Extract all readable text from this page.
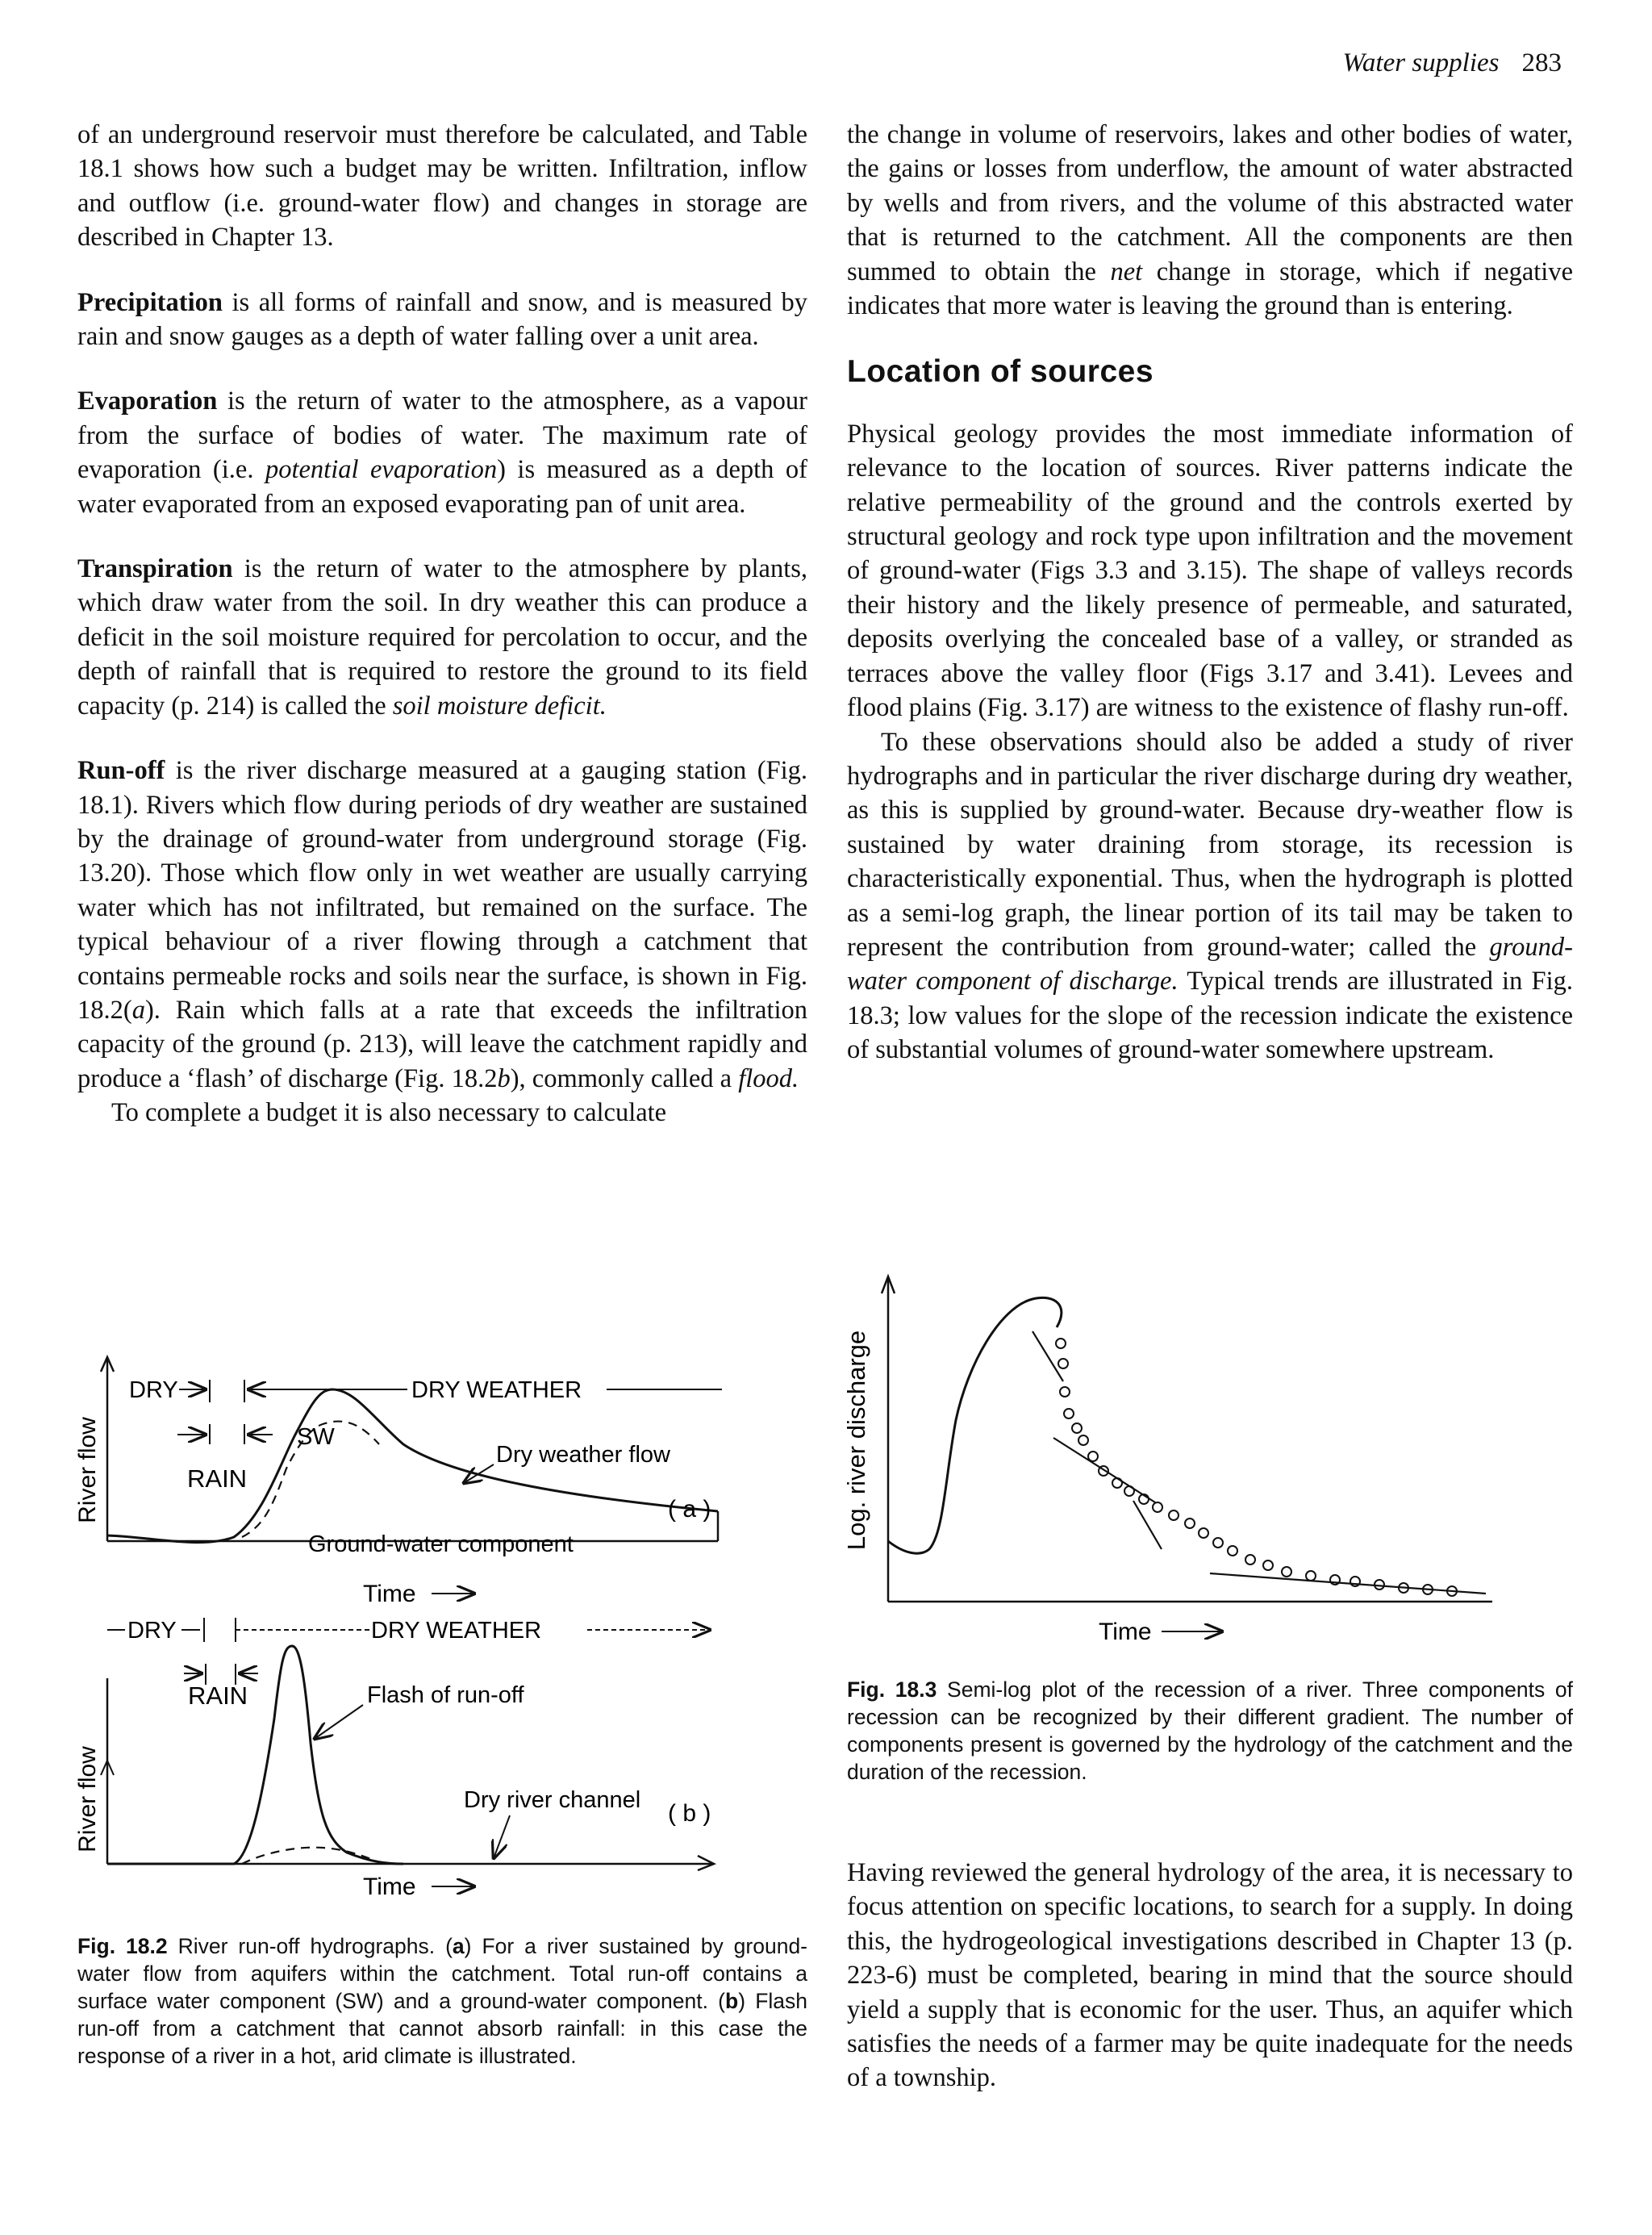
Water supplies 283

of an underground reservoir must therefore be calculated, and Table 18.1 shows how such a budget may be written. Infiltration, inflow and outflow (i.e. ground-water flow) and changes in storage are described in Chapter 13.

Precipitation is all forms of rainfall and snow, and is measured by rain and snow gauges as a depth of water falling over a unit area.

Evaporation is the return of water to the atmosphere, as a vapour from the surface of bodies of water. The maximum rate of evaporation (i.e. potential evaporation) is measured as a depth of water evaporated from an exposed evaporating pan of unit area.

Transpiration is the return of water to the atmosphere by plants, which draw water from the soil. In dry weather this can produce a deficit in the soil moisture required for percolation to occur, and the depth of rainfall that is required to restore the ground to its field capacity (p. 214) is called the soil moisture deficit.

Run-off is the river discharge measured at a gauging station (Fig. 18.1). Rivers which flow during periods of dry weather are sustained by the drainage of ground-water from underground storage (Fig. 13.20). Those which flow only in wet weather are usually carrying water which has not infiltrated, but remained on the surface. The typical behaviour of a river flowing through a catchment that contains permeable rocks and soils near the surface, is shown in Fig. 18.2(a). Rain which falls at a rate that exceeds the infiltration capacity of the ground (p. 213), will leave the catchment rapidly and produce a ‘flash’ of discharge (Fig. 18.2b), commonly called a flood.

To complete a budget it is also necessary to calculate

the change in volume of reservoirs, lakes and other bodies of water, the gains or losses from underflow, the amount of water abstracted by wells and from rivers, and the volume of this abstracted water that is returned to the catchment. All the components are then summed to obtain the net change in storage, which if negative indicates that more water is leaving the ground than is entering.

Location of sources

Physical geology provides the most immediate information of relevance to the location of sources. River patterns indicate the relative permeability of the ground and the controls exerted by structural geology and rock type upon infiltration and the movement of ground-water (Figs 3.3 and 3.15). The shape of valleys records their history and the likely presence of permeable, and saturated, deposits overlying the concealed base of a valley, or stranded as terraces above the valley floor (Figs 3.17 and 3.41). Levees and flood plains (Fig. 3.17) are witness to the existence of flashy run-off.

To these observations should also be added a study of river hydrographs and in particular the river discharge during dry weather, as this is supplied by ground-water. Because dry-weather flow is sustained by water draining from storage, its recession is characteristically exponential. Thus, when the hydrograph is plotted as a semi-log graph, the linear portion of its tail may be taken to represent the contribution from ground-water; called the ground-water component of discharge. Typical trends are illustrated in Fig. 18.3; low values for the slope of the recession indicate the existence of substantial volumes of ground-water somewhere upstream.

River flow
DRY	DRY WEATHER
RAIN
SW
Dry weather flow
( a )
Ground-water component
Time
River flow
DRY	DRY WEATHER
RAIN	Flash of run-off
Dry river channel ( b )
Time
Log. river discharge
Time
Fig. 18.2 River run-off hydrographs. (a) For a river sustained by ground-water flow from aquifers within the catchment. Total run-off contains a surface water component (SW) and a ground-water component. (b) Flash run-off from a catchment that cannot absorb rainfall: in this case the response of a river in a hot, arid climate is illustrated.
Fig. 18.3 Semi-log plot of the recession of a river. Three components of recession can be recognized by their different gradient. The number of components present is governed by the hydrology of the catchment and the duration of the recession.

Having reviewed the general hydrology of the area, it is necessary to focus attention on specific locations, to search for a supply. In doing this, the hydrogeological investigations described in Chapter 13 (p. 223-6) must be completed, bearing in mind that the source should yield a supply that is economic for the user. Thus, an aquifer which satisfies the needs of a farmer may be quite inadequate for the needs of a township.
